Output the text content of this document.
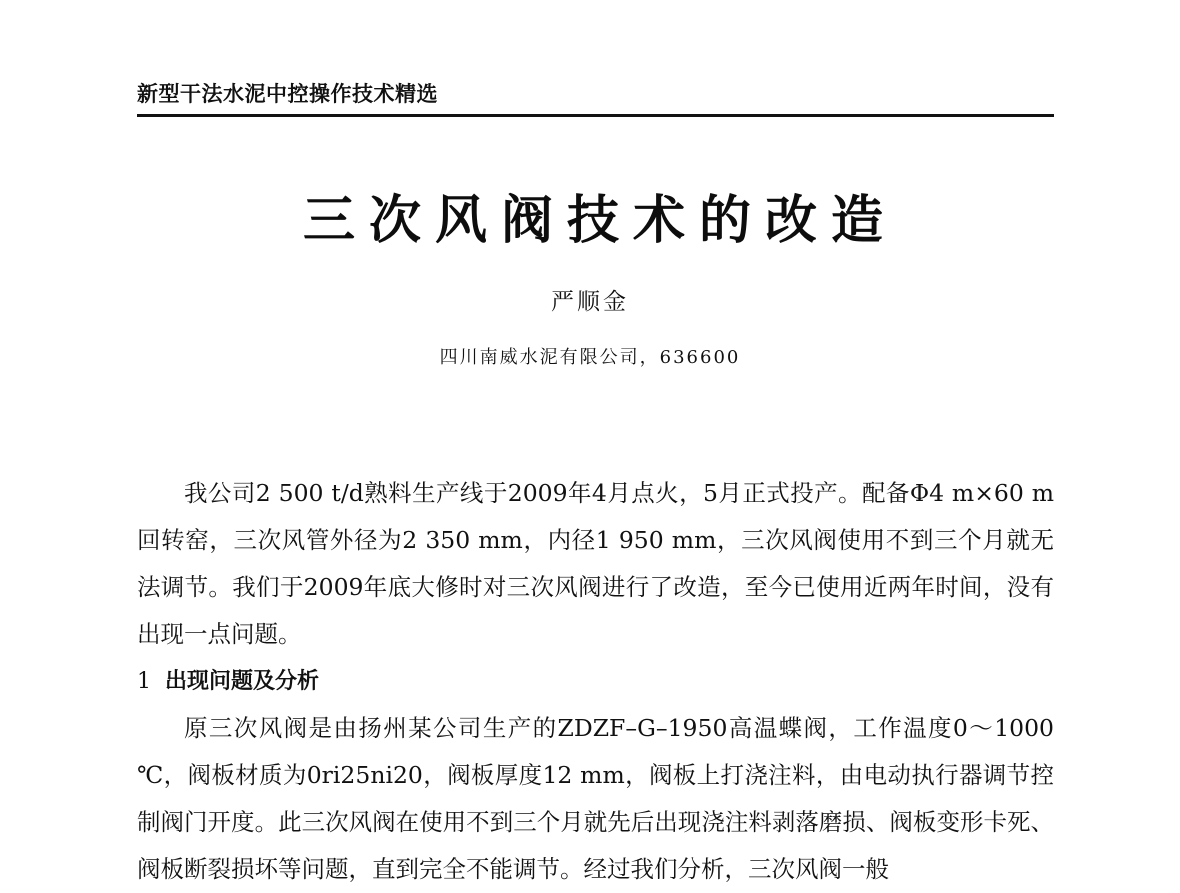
新型干法水泥中控操作技术精选
三次风阀技术的改造
严顺金
四川南威水泥有限公司，636600

我公司2 500 t/d熟料生产线于2009年4月点火，5月正式投产。配备Φ4 m×60 m回转窑，三次风管外径为2 350 mm，内径1 950 mm，三次风阀使用不到三个月就无法调节。我们于2009年底大修时对三次风阀进行了改造，至今已使用近两年时间，没有出现一点问题。

1 出现问题及分析

原三次风阀是由扬州某公司生产的ZDZF–G–1950高温蝶阀，工作温度0～1000 ℃，阀板材质为0ri25ni20，阀板厚度12 mm，阀板上打浇注料，由电动执行器调节控制阀门开度。此三次风阀在使用不到三个月就先后出现浇注料剥落磨损、阀板变形卡死、阀板断裂损坏等问题，直到完全不能调节。经过我们分析，三次风阀一般
